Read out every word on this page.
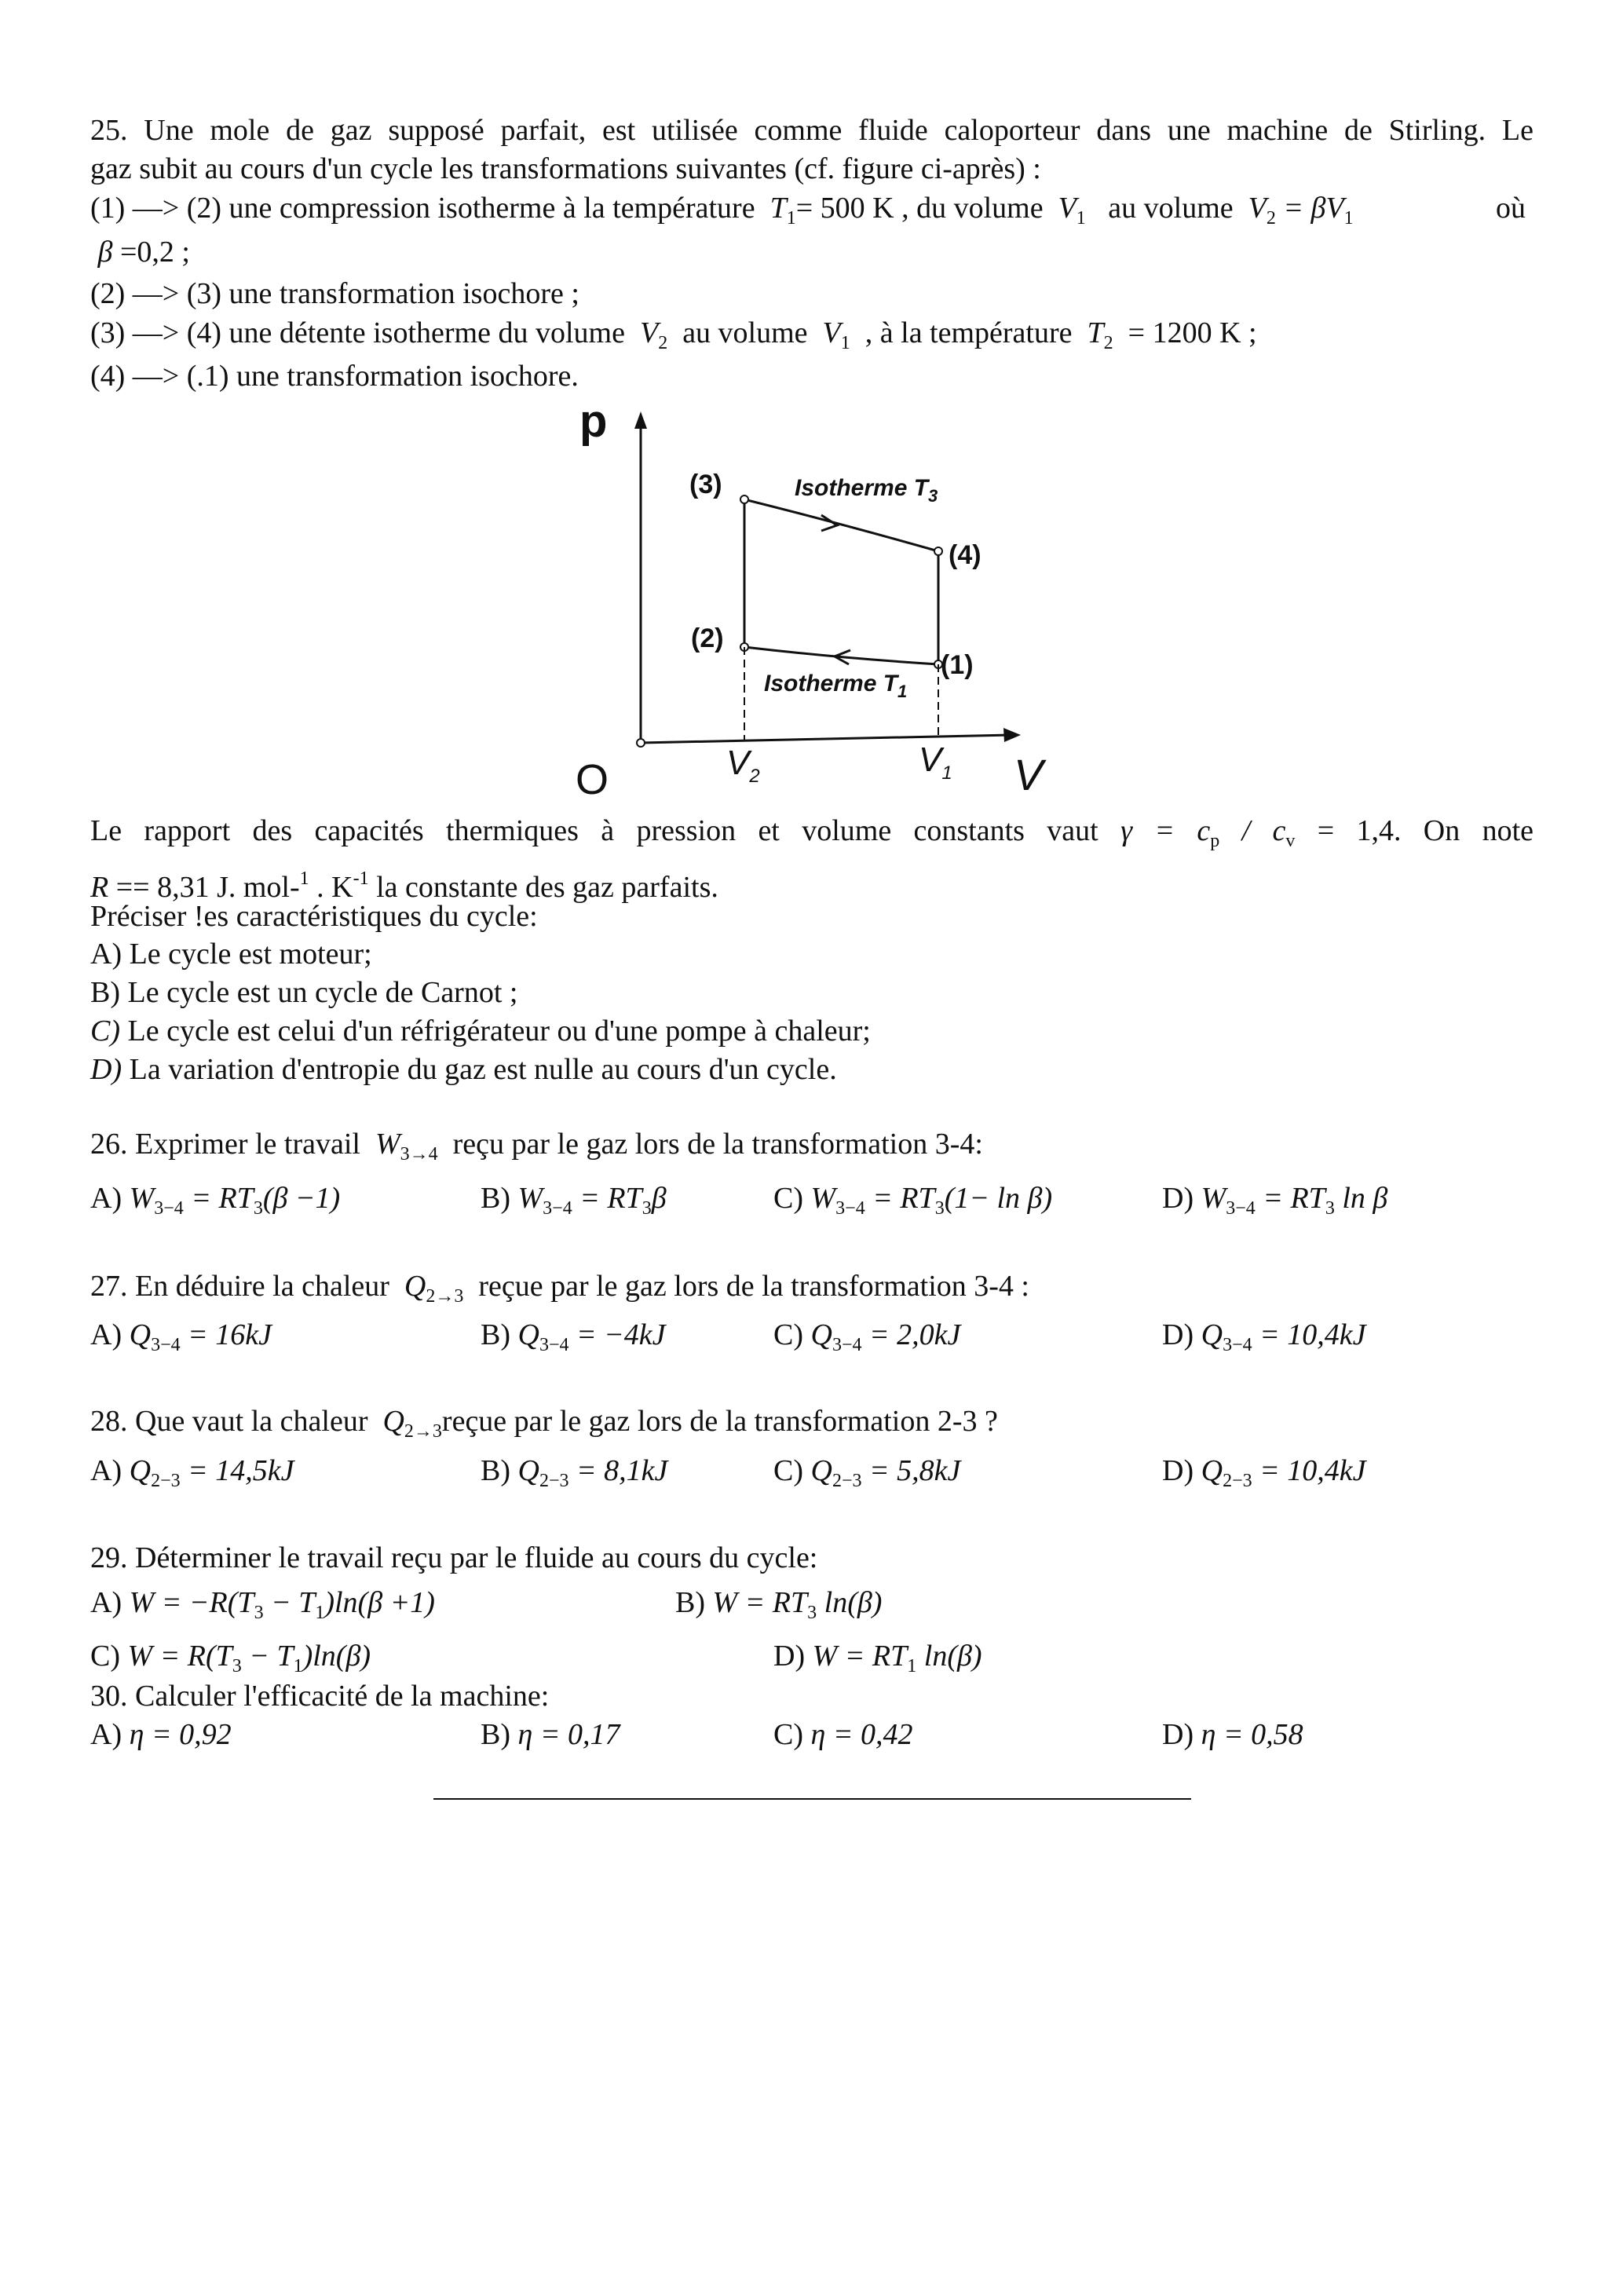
25. Une mole de gaz supposé parfait, est utilisée comme fluide caloporteur dans une machine de Stirling. Le
gaz subit au cours d'un cycle les transformations suivantes (cf. figure ci-après) :
(1) —> (2) une compression isotherme à la température $T_1= 500$ K , du volume $V_1$ au volume $V_2 = \beta V_1$	où
β =0,2 ;
(2) —> (3) une transformation isochore ;
(3) —> (4) une détente isotherme du volume $V_2$ au volume $V_1$ , à la température $T_2 = 1200$ K ;
(4) —> (.1) une transformation isochore.
p
O	V
$V_2$	$V_1$
(3)
(4)
(2)
(1)
Isotherme $T_3$
Isotherme $T_1$
Le rapport des capacités thermiques à pression et volume constants vaut $\gamma = c_p / c_v = 1,4$. On note
R == 8,31 J. mol-$^1$ . $K^{-1}$ la constante des gaz parfaits.
Préciser !es caractéristiques du cycle:
A) Le cycle est moteur;
B) Le cycle est un cycle de Carnot ;
C) Le cycle est celui d'un réfrigérateur ou d'une pompe à chaleur;
D) La variation d'entropie du gaz est nulle au cours d'un cycle.
26. Exprimer le travail $W_{3\to 4}$ reçu par le gaz lors de la transformation 3-4:
A) $W_{3-4} = RT_3(\beta -1)$	B) $W_{3-4} = RT_3\beta$	C) $W_{3-4} = RT_3(1- \ln \beta)$	D) $W_{3-4} = RT_3$ ln β
27. En déduire la chaleur $Q_{2\to 3}$ reçue par le gaz lors de la transformation 3-4 :
A) $Q_{3-4} = 16kJ$	B) $Q_{3-4} = -4kJ$	C) $Q_{3-4} = 2,0kJ$	D) $Q_{3-4} = 10,4kJ$
28. Que vaut la chaleur $Q_{2\to 3}reçue$ par le gaz lors de la transformation 2-3 ?
A) $Q_{2-3} = 14,5kJ$	B) $Q_{2-3} = 8,1kJ$	C) $Q_{2-3} = 5,8kJ$	D) $Q_{2-3} = 10,4kJ$
29. Déterminer le travail reçu par le fluide au cours du cycle:
A) $W = -R(T_3 - T_1)\ln(\beta +1)$	B) $W = RT_3$ ln(β)
C) $W = R(T_3 - T_1)\ln(\beta)$	D) $W = RT_1$ ln(β)
30. Calculer l'efficacité de la machine:
A) η = 0,92	B) η = 0,17	C) η = 0,42	D) η = 0,58
